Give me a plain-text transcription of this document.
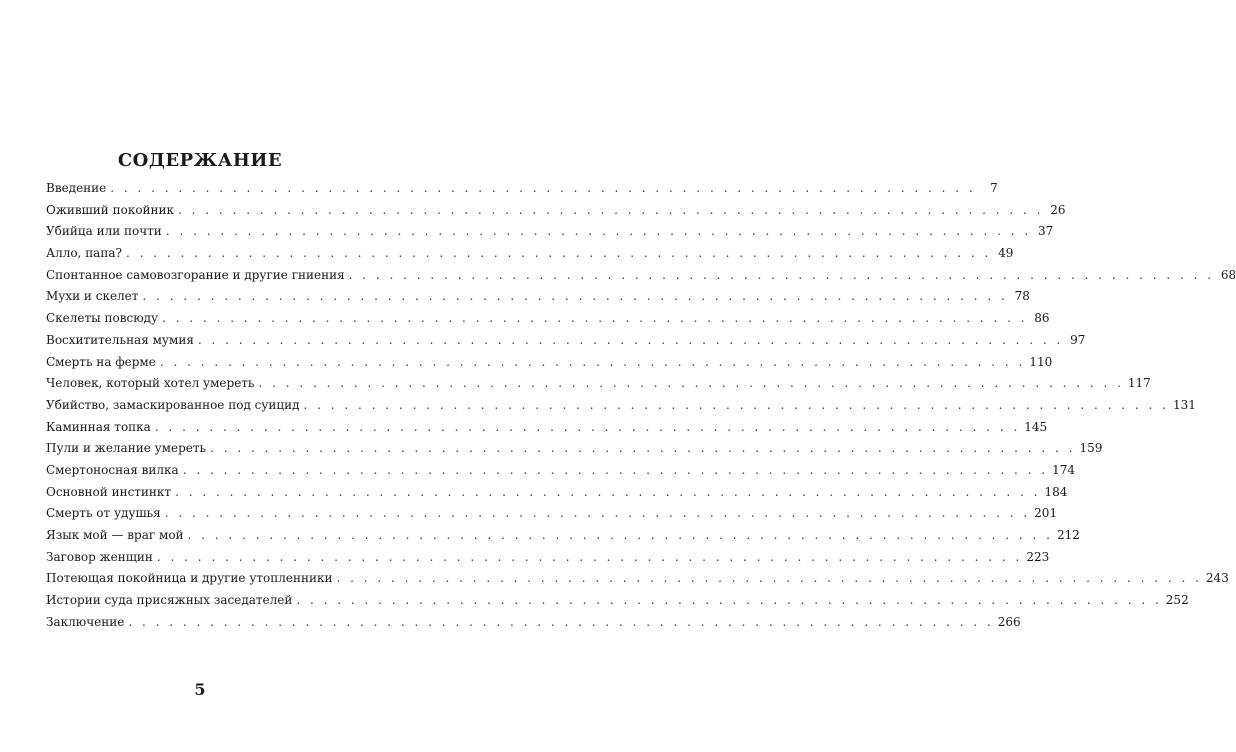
СОДЕРЖАНИЕ
Введение . . .	7
Оживший покойник . . .	26
Убийца или почти . . .	37
Алло, папа? . . .	49
Спонтанное самовозгорание и другие гниения . . .	68
Мухи и скелет . . .	78
Скелеты повсюду . . .	86
Восхитительная мумия . . .	97
Смерть на ферме . . .	110
Человек, который хотел умереть . . .	117
Убийство, замаскированное под суицид . . .	131
Каминная топка . . .	145
Пули и желание умереть . . .	159
Смертоносная вилка . . .	174
Основной инстинкт . . .	184
Смерть от удушья . . .	201
Язык мой — враг мой . . .	212
Заговор женщин . . .	223
Потеющая покойница и другие утопленники . . .	243
Истории суда присяжных заседателей . . .	252
Заключение . . .	266
5
